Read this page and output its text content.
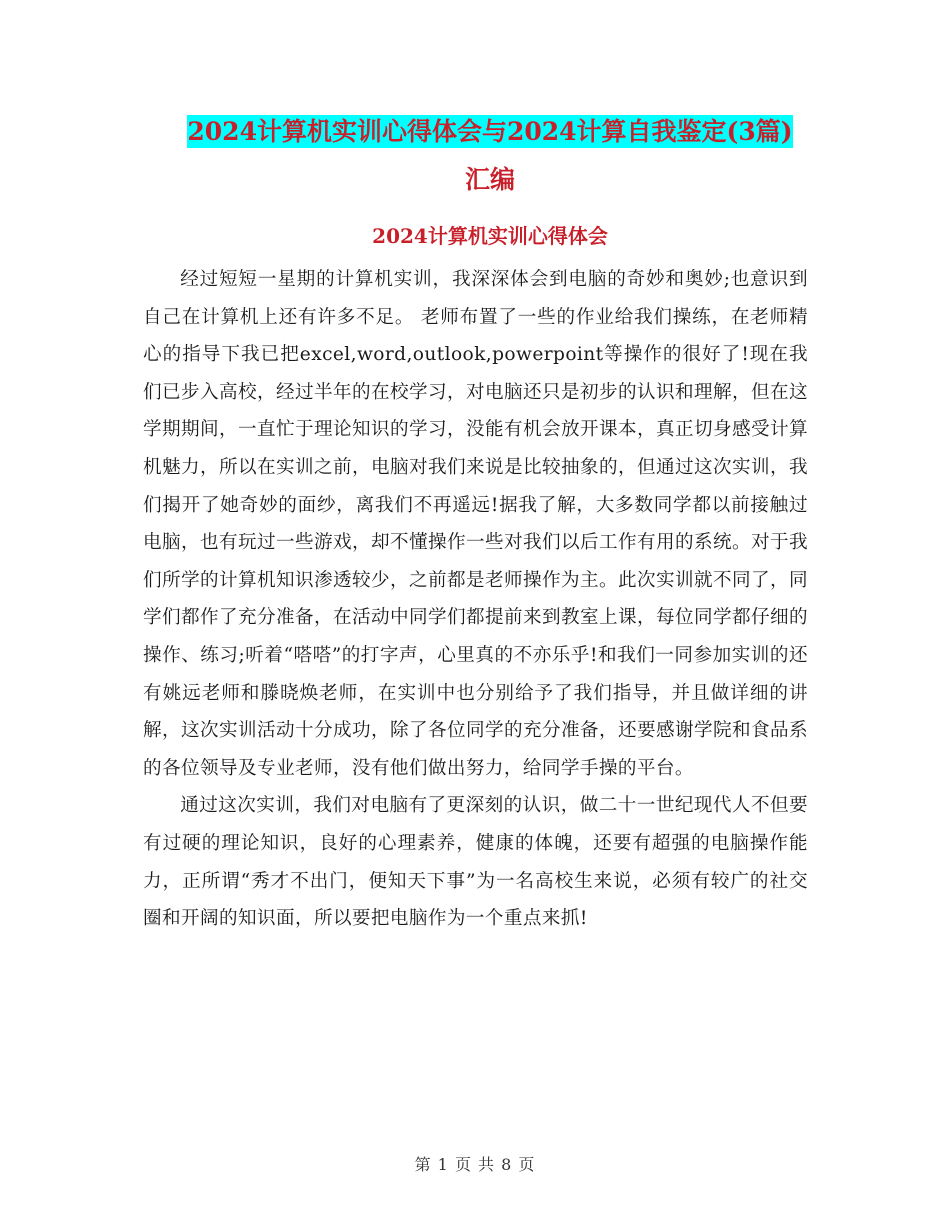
2024计算机实训心得体会与2024计算自我鉴定(3篇)
汇编
2024计算机实训心得体会

经过短短一星期的计算机实训，我深深体会到电脑的奇妙和奥妙;也意识到自己在计算机上还有许多不足。 老师布置了一些的作业给我们操练，在老师精心的指导下我已把excel,word,outlook,powerpoint等操作的很好了!现在我们已步入高校，经过半年的在校学习，对电脑还只是初步的认识和理解，但在这学期期间，一直忙于理论知识的学习，没能有机会放开课本，真正切身感受计算机魅力，所以在实训之前，电脑对我们来说是比较抽象的，但通过这次实训，我们揭开了她奇妙的面纱，离我们不再遥远!据我了解，大多数同学都以前接触过电脑，也有玩过一些游戏，却不懂操作一些对我们以后工作有用的系统。对于我们所学的计算机知识渗透较少，之前都是老师操作为主。此次实训就不同了，同学们都作了充分准备，在活动中同学们都提前来到教室上课，每位同学都仔细的操作、练习;听着“嗒嗒”的打字声，心里真的不亦乐乎!和我们一同参加实训的还有姚远老师和滕晓焕老师，在实训中也分别给予了我们指导，并且做详细的讲解，这次实训活动十分成功，除了各位同学的充分准备，还要感谢学院和食品系的各位领导及专业老师，没有他们做出努力，给同学手操的平台。

通过这次实训，我们对电脑有了更深刻的认识，做二十一世纪现代人不但要有过硬的理论知识，良好的心理素养，健康的体魄，还要有超强的电脑操作能力，正所谓“秀才不出门，便知天下事”为一名高校生来说，必须有较广的社交圈和开阔的知识面，所以要把电脑作为一个重点来抓!

第 1 页 共 8 页
